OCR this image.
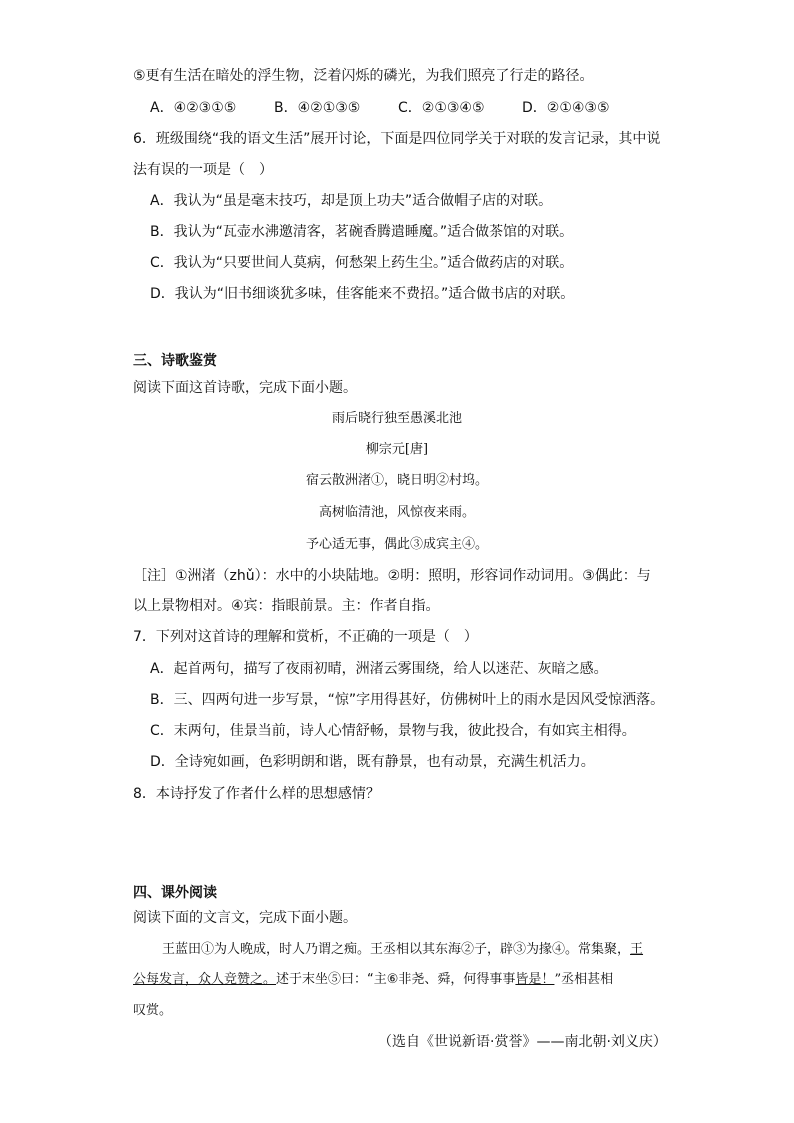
⑤更有生活在暗处的浮生物，泛着闪烁的磷光，为我们照亮了行走的路径。
A．④②③①⑤	B．④②①③⑤	C．②①③④⑤	D．②①④③⑤
6．班级围绕“我的语文生活”展开讨论，下面是四位同学关于对联的发言记录，其中说
法有误的一项是（　）
A．我认为“虽是毫末技巧，却是顶上功夫”适合做帽子店的对联。
B．我认为“瓦壶水沸邀清客，茗碗香腾遣睡魔。”适合做茶馆的对联。
C．我认为“只要世间人莫病，何愁架上药生尘。”适合做药店的对联。
D．我认为“旧书细谈犹多味，佳客能来不费招。”适合做书店的对联。
三、诗歌鉴赏
阅读下面这首诗歌，完成下面小题。
雨后晓行独至愚溪北池
柳宗元[唐]
宿云散洲渚①，晓日明②村坞。
高树临清池，风惊夜来雨。
予心适无事，偶此③成宾主④。
［注］①洲渚（zhǔ）：水中的小块陆地。②明：照明，形容词作动词用。③偶此：与
以上景物相对。④宾：指眼前景。主：作者自指。
7．下列对这首诗的理解和赏析，不正确的一项是（　）
A．起首两句，描写了夜雨初晴，洲渚云雾围绕，给人以迷茫、灰暗之感。
B．三、四两句进一步写景，“惊”字用得甚好，仿佛树叶上的雨水是因风受惊洒落。
C．末两句，佳景当前，诗人心情舒畅，景物与我，彼此投合，有如宾主相得。
D．全诗宛如画，色彩明朗和谐，既有静景，也有动景，充满生机活力。
8．本诗抒发了作者什么样的思想感情？
四、课外阅读
阅读下面的文言文，完成下面小题。
王蓝田①为人晚成，时人乃谓之痴。王丞相以其东海②子，辟③为掾④。常集聚，王
公每发言，众人竞赞之。述于末坐⑤曰：“主⑥非尧、舜，何得事事皆是！”丞相甚相
叹赏。
（选自《世说新语·赏誉》——南北朝·刘义庆）
